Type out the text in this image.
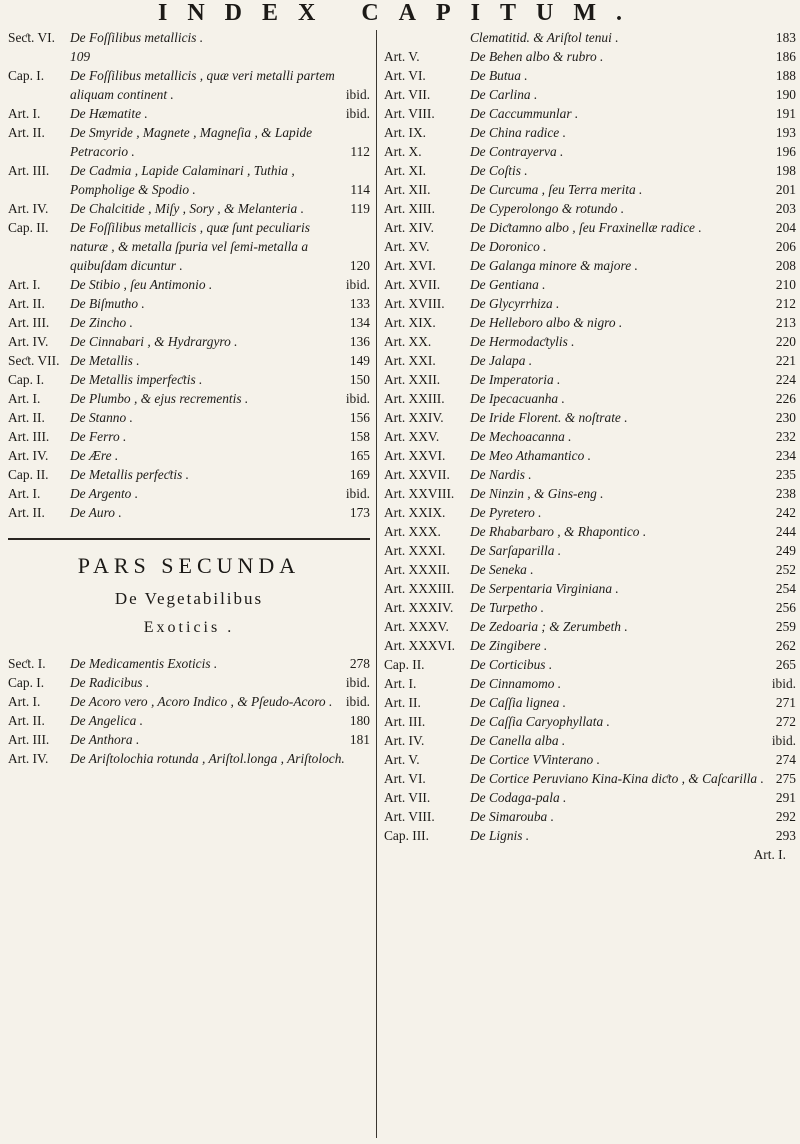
INDEX CAPITUM.
Seƈt. VI.	De Foſſilibus metallicis .
109
Cap. I.	De Foſſilibus metallicis , quæ veri metalli partem aliquam continent .	ibid.
Art. I.	De Hæmatite .	ibid.
Art. II.	De Smyride , Magnete , Magneſia , & Lapide Petracorio .	112
Art. III.	De Cadmia , Lapide Calaminari , Tuthia , Pompholige & Spodio .	114
Art. IV.	De Chalcitide , Miſy , Sory , & Melanteria .	119
Cap. II.	De Foſſilibus metallicis , quæ ſunt peculiaris naturæ , & metalla ſpuria vel ſemi-metalla a quibuſdam dicuntur .	120
Art. I.	De Stibio , ſeu Antimonio .	ibid.
Art. II.	De Biſmutho .	133
Art. III.	De Zincho .	134
Art. IV.	De Cinnabari , & Hydrargyro .	136
Seƈt. VII. De Metallis .	149
Cap. I.	De Metallis imperfeƈtis .	150
Art. I.	De Plumbo , & ejus recrementis .	ibid.
Art. II.	De Stanno .	156
Art. III.	De Ferro .	158
Art. IV.	De Ære .	165
Cap. II.	De Metallis perfeƈtis .	169
Art. I.	De Argento .	ibid.
Art. II.	De Auro .	173
PARS SECUNDA
De Vegetabilibus
Exoticis .
Seƈt. I.	De Medicamentis Exoticis .	278
Cap. I.	De Radicibus .	ibid.
Art. I.	De Acoro vero , Acoro Indico , & Pſeudo-Acoro .	ibid.
Art. II.	De Angelica .	180
Art. III.	De Anthora .	181
Art. IV.	De Ariſtolochia rotunda , Ariſtol.longa , Ariſtoloch.
Clematitid. & Ariſtol tenui .	183
Art. V.	De Behen albo & rubro .	186
Art. VI.	De Butua .	188
Art. VII.	De Carlina .	190
Art. VIII.	De Caccummunlar .	191
Art. IX.	De China radice .	193
Art. X.	De Contrayerva .	196
Art. XI.	De Coſtis .	198
Art. XII.	De Curcuma , ſeu Terra merita .	201
Art. XIII.	De Cyperolongo & rotundo .	203
Art. XIV.	De Diƈtamno albo , ſeu Fraxinellæ radice .	204
Art. XV.	De Doronico .	206
Art. XVI.	De Galanga minore & majore .	208
Art. XVII.	De Gentiana .	210
Art. XVIII.	De Glycyrrhiza .	212
Art. XIX.	De Helleboro albo & nigro .	213
Art. XX.	De Hermodaƈtylis .	220
Art. XXI.	De Jalapa .	221
Art. XXII.	De Imperatoria .	224
Art. XXIII.	De Ipecacuanha .	226
Art. XXIV.	De Iride Florent. & noſtrate .	230
Art. XXV.	De Mechoacanna .	232
Art. XXVI.	De Meo Athamantico .	234
Art. XXVII.	De Nardis .	235
Art. XXVIII.	De Ninzin , & Gins-eng .	238
Art. XXIX.	De Pyretero .	242
Art. XXX.	De Rhabarbaro , & Rhapontico .	244
Art. XXXI.	De Sarſaparilla .	249
Art. XXXII.	De Seneka .	252
Art. XXXIII.	De Serpentaria Virginiana .	254
Art. XXXIV.	De Turpetho .	256
Art. XXXV.	De Zedoaria ; & Zerumbeth .	259
Art. XXXVI.	De Zingibere .	262
Cap. II.	De Corticibus .	265
Art. I.	De Cinnamomo .	ibid.
Art. II.	De Caſſia lignea .	271
Art. III.	De Caſſia Caryophyllata .	272
Art. IV.	De Canella alba .	ibid.
Art. V.	De Cortice VVinterano .	274
Art. VI.	De Cortice Peruviano Kina-Kina diƈto , & Caſcarilla . 275
Art. VII.	De Codaga-pala .	291
Art. VIII.	De Simarouba .	292
Cap. III.	De Lignis .	293
Art. I.
